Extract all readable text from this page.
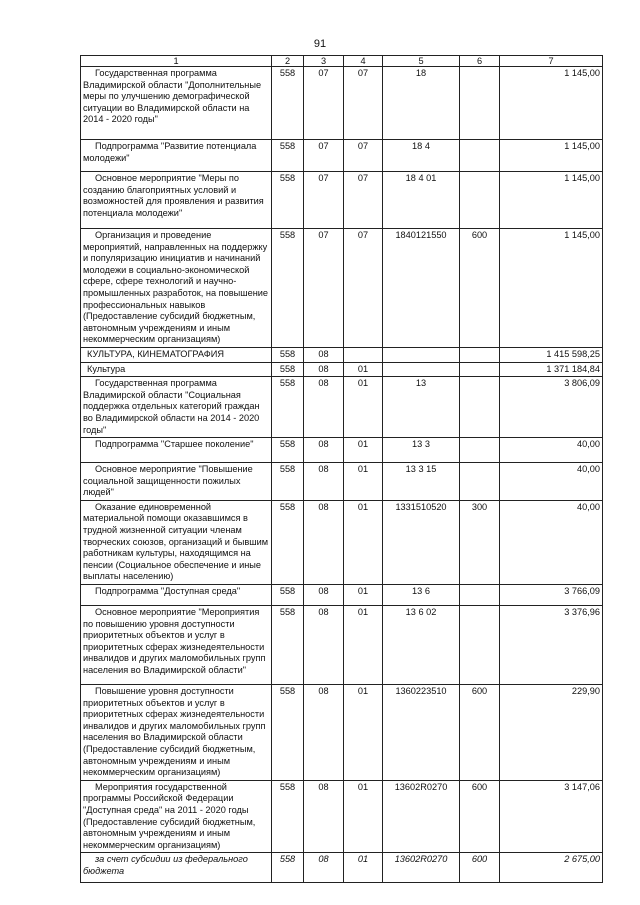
91
1	2	3	4	5	6	7
Государственная программа Владимирской области "Дополнительные меры по улучшению демографической ситуации во Владимирской области на 2014 - 2020 годы"	558	07	07	18		1 145,00
Подпрограмма "Развитие потенциала молодежи"	558	07	07	18 4		1 145,00
Основное мероприятие "Меры по созданию благоприятных условий и возможностей для проявления и развития потенциала молодежи"	558	07	07	18 4 01		1 145,00
Организация и проведение мероприятий, направленных на поддержку и популяризацию инициатив и начинаний молодежи в социально-экономической сфере, сфере технологий и научно-промышленных разработок, на повышение профессиональных навыков (Предоставление субсидий бюджетным, автономным учреждениям и иным некоммерческим организациям)	558	07	07	1840121550	600	1 145,00
КУЛЬТУРА, КИНЕМАТОГРАФИЯ	558	08				1 415 598,25
Культура	558	08	01			1 371 184,84
Государственная программа Владимирской области "Социальная поддержка отдельных категорий граждан во Владимирской области на 2014 - 2020 годы"	558	08	01	13		3 806,09
Подпрограмма "Старшее поколение"	558	08	01	13 3		40,00
Основное мероприятие "Повышение социальной защищенности пожилых людей"	558	08	01	13 3 15		40,00
Оказание единовременной материальной помощи оказавшимся в трудной жизненной ситуации членам творческих союзов, организаций и бывшим работникам культуры, находящимся на пенсии (Социальное обеспечение и иные выплаты населению)	558	08	01	1331510520	300	40,00
Подпрограмма "Доступная среда"	558	08	01	13 6		3 766,09
Основное мероприятие "Мероприятия по повышению уровня доступности приоритетных объектов и услуг в приоритетных сферах жизнедеятельности инвалидов и других маломобильных групп населения во Владимирской области"	558	08	01	13 6 02		3 376,96
Повышение уровня доступности приоритетных объектов и услуг в приоритетных сферах жизнедеятельности инвалидов и других маломобильных групп населения во Владимирской области (Предоставление субсидий бюджетным, автономным учреждениям и иным некоммерческим организациям)	558	08	01	1360223510	600	229,90
Мероприятия государственной программы Российской Федерации "Доступная среда" на 2011 - 2020 годы (Предоставление субсидий бюджетным, автономным учреждениям и иным некоммерческим организациям)	558	08	01	13602R0270	600	3 147,06
за счет субсидии из федерального бюджета	558	08	01	13602R0270	600	2 675,00
